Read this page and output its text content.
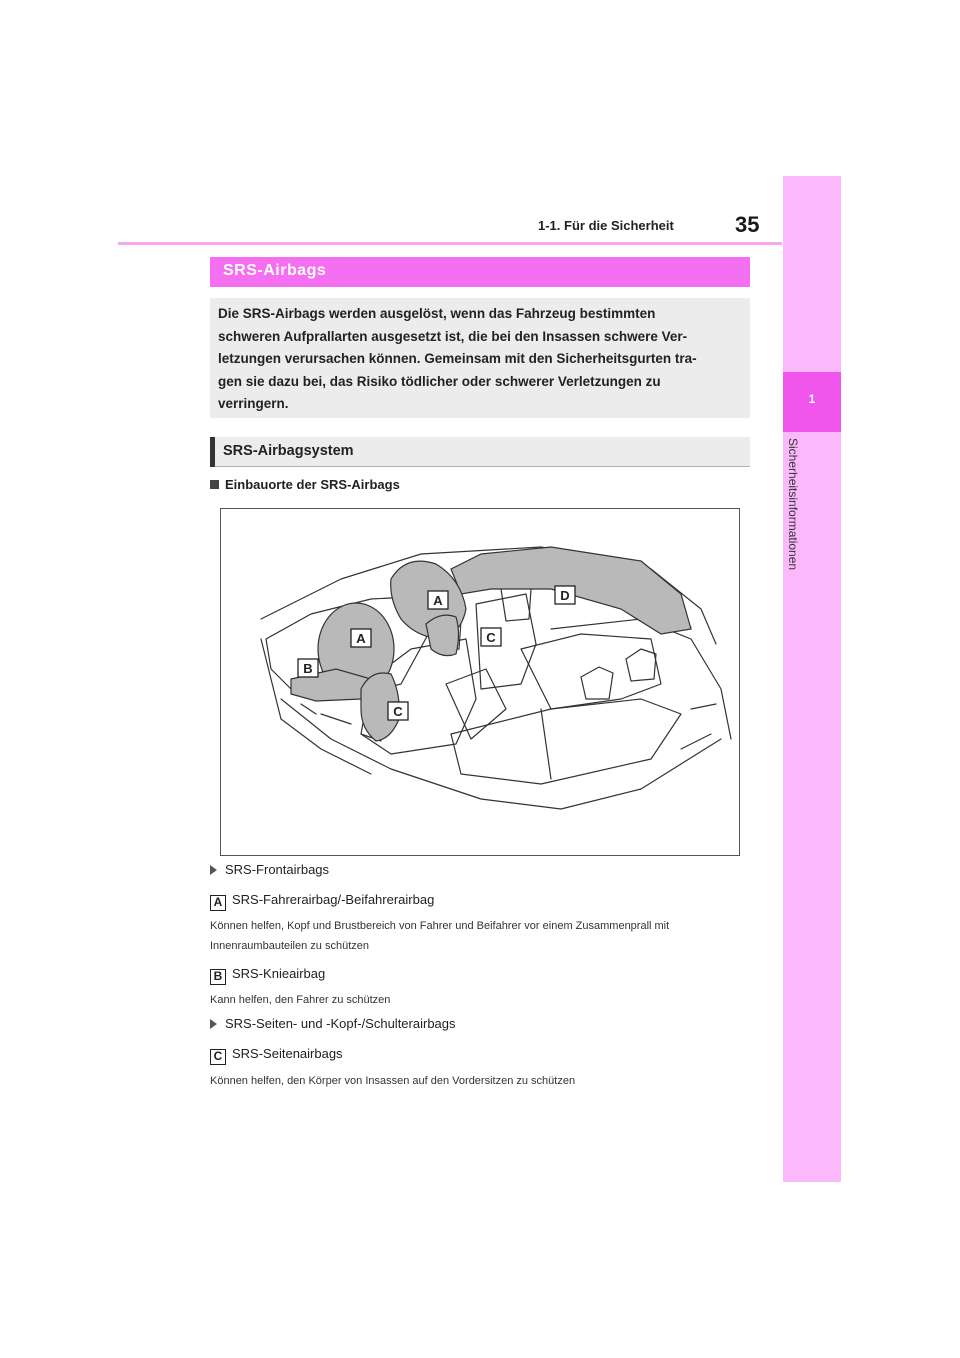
1-1. Für die Sicherheit	35
1
Sicherheitsinformationen
SRS-Airbags

Die SRS-Airbags werden ausgelöst, wenn das Fahrzeug bestimmten

schweren Aufprallarten ausgesetzt ist, die bei den Insassen schwere Ver-

letzungen verursachen können. Gemeinsam mit den Sicherheitsgurten tra-

gen sie dazu bei, das Risiko tödlicher oder schwerer Verletzungen zu

verringern.

SRS-Airbagsystem
Einbauorte der SRS-Airbags
A
A
B
C
C
D
SRS-Frontairbags
A SRS-Fahrerairbag/-Beifahrerairbag
Können helfen, Kopf und Brustbereich von Fahrer und Beifahrer vor einem Zusammenprall mit
Innenraumbauteilen zu schützen
B SRS-Knieairbag
Kann helfen, den Fahrer zu schützen
SRS-Seiten- und -Kopf-/Schulterairbags
C SRS-Seitenairbags
Können helfen, den Körper von Insassen auf den Vordersitzen zu schützen
